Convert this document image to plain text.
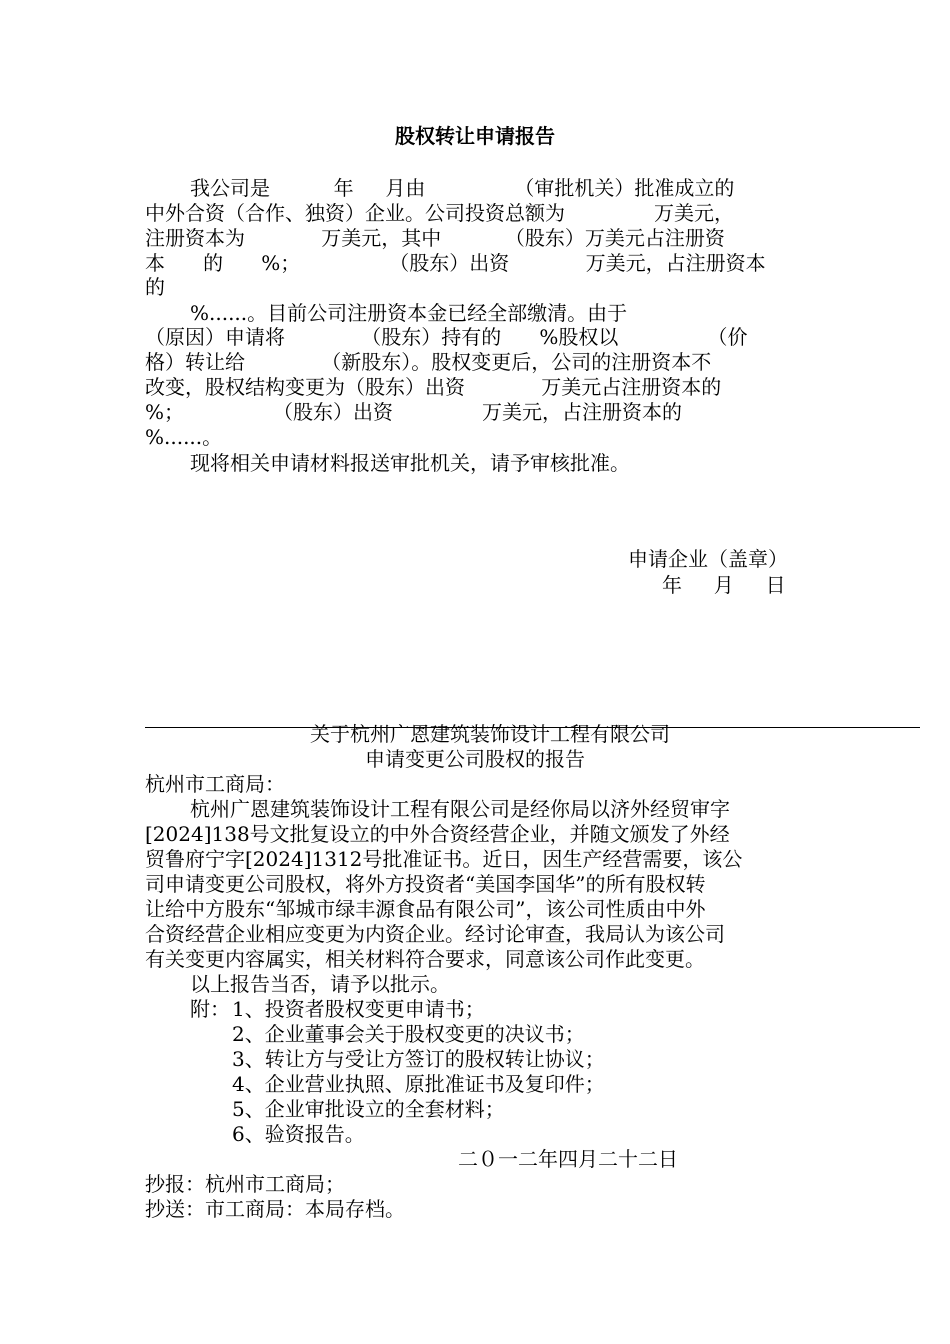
股权转让申请报告
我公司是          年     月由              （审批机关）批准成立的
中外合资（合作、独资）企业。公司投资总额为              万美元，
注册资本为            万美元，其中          （股东）万美元占注册资
本      的      %；              （股东）出资            万美元，占注册资本
的
%......。目前公司注册资本金已经全部缴清。由于
（原因）申请将            （股东）持有的      %股权以              （价
格）转让给            （新股东）。股权变更后，公司的注册资本不
改变，股权结构变更为（股东）出资            万美元占注册资本的
%；              （股东）出资              万美元，占注册资本的
%......。
现将相关申请材料报送审批机关，请予审核批准。
申请企业（盖章）
年     月     日
关于杭州广恩建筑装饰设计工程有限公司
申请变更公司股权的报告
杭州市工商局：
杭州广恩建筑装饰设计工程有限公司是经你局以济外经贸审字
[2024]138号文批复设立的中外合资经营企业，并随文颁发了外经
贸鲁府宁字[2024]1312号批准证书。近日，因生产经营需要，该公
司申请变更公司股权，将外方投资者“美国李国华”的所有股权转
让给中方股东“邹城市绿丰源食品有限公司”，该公司性质由中外
合资经营企业相应变更为内资企业。经讨论审查，我局认为该公司
有关变更内容属实，相关材料符合要求，同意该公司作此变更。
以上报告当否，请予以批示。
附： 1、投资者股权变更申请书；
2、企业董事会关于股权变更的决议书；
3、转让方与受让方签订的股权转让协议；
4、企业营业执照、原批准证书及复印件；
5、企业审批设立的全套材料；
6、验资报告。
二０一二年四月二十二日
抄报：杭州市工商局；
抄送：市工商局：本局存档。
